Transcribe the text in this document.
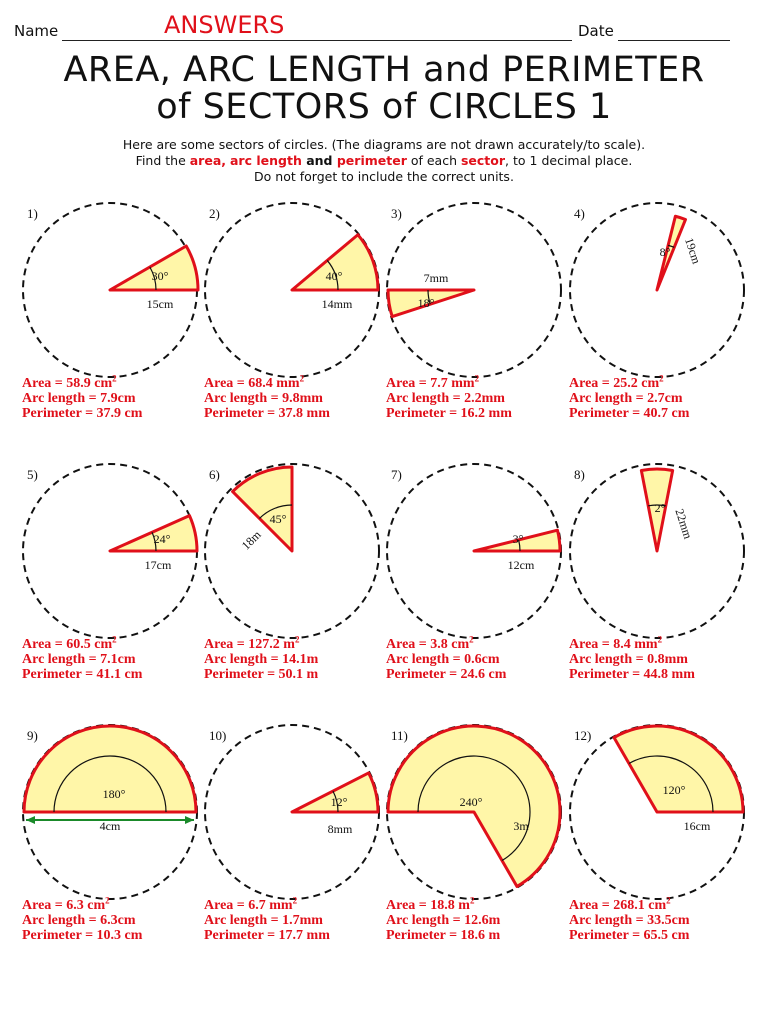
Name	ANSWERS	Date
AREA, ARC LENGTH and PERIMETER
of SECTORS of CIRCLES 1
Here are some sectors of circles. (The diagrams are not drawn accurately/to scale).
Find the area, arc length and perimeter of each sector, to 1 decimal place.
Do not forget to include the correct units.
1)
30°
15cm
Area = 58.9 $cm^2$
Arc length = 7.9cm
Perimeter = 37.9 cm
2)
40°
14mm
Area = 68.4 $mm^2$
Arc length = 9.8mm
Perimeter = 37.8 mm
3)
18°
7mm
Area = 7.7 $mm^2$
Arc length = 2.2mm
Perimeter = 16.2 mm
4)
8° 19cm
Area = 25.2 $cm^2$
Arc length = 2.7cm
Perimeter = 40.7 cm
5)
24°
17cm
Area = 60.5 $cm^2$
Arc length = 7.1cm
Perimeter = 41.1 cm
6)
45°
18m
Area = 127.2 $m^2$
Arc length = 14.1m
Perimeter = 50.1 m
7)
3°
12cm
Area = 3.8 $cm^2$
Arc length = 0.6cm
Perimeter = 24.6 cm
8)
2° 22mm
Area = 8.4 $mm^2$
Arc length = 0.8mm
Perimeter = 44.8 mm
9)
180°
4cm
Area = 6.3 $cm^2$
Arc length = 6.3cm
Perimeter = 10.3 cm
10)
12°
8mm
Area = 6.7 $mm^2$
Arc length = 1.7mm
Perimeter = 17.7 mm
11)
240°
3m
Area = 18.8 $m^2$
Arc length = 12.6m
Perimeter = 18.6 m
12)
120°
16cm
Area = 268.1 $cm^2$
Arc length = 33.5cm
Perimeter = 65.5 cm
